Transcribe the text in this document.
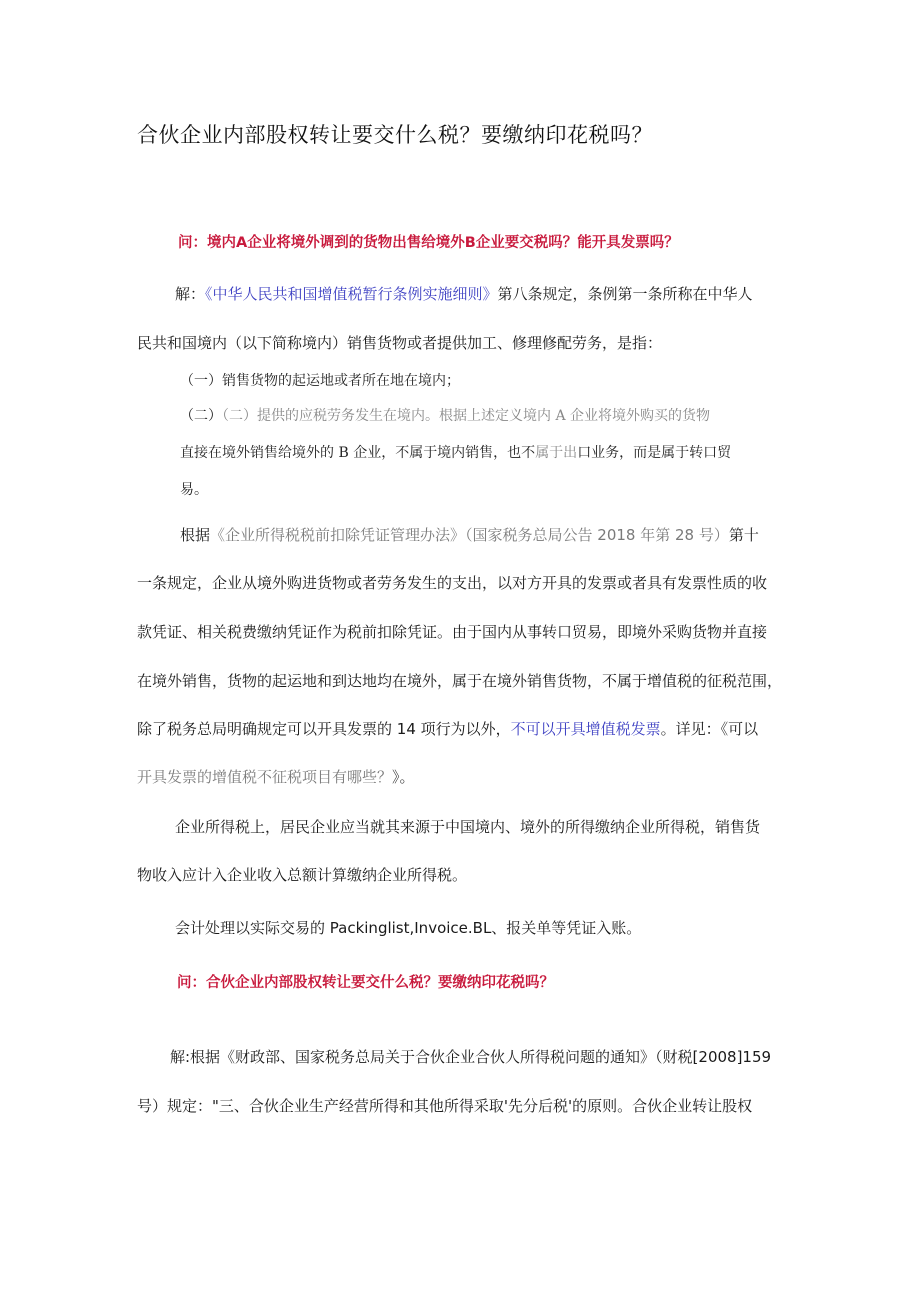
合伙企业内部股权转让要交什么税？要缴纳印花税吗？
问：境内A企业将境外调到的货物出售给境外B企业要交税吗？能开具发票吗？
解：《中华人民共和国增值税暂行条例实施细则》第八条规定，条例第一条所称在中华人
民共和国境内（以下简称境内）销售货物或者提供加工、修理修配劳务，是指：
（一）销售货物的起运地或者所在地在境内；
（二）（二）提供的应税劳务发生在境内。根据上述定义境内 A 企业将境外购买的货物
直接在境外销售给境外的 B 企业，不属于境内销售，也不属于出口业务，而是属于转口贸
易。
根据《企业所得税税前扣除凭证管理办法》（国家税务总局公告 2018 年第 28 号）第十
一条规定，企业从境外购进货物或者劳务发生的支出，以对方开具的发票或者具有发票性质的收
款凭证、相关税费缴纳凭证作为税前扣除凭证。由于国内从事转口贸易，即境外采购货物并直接
在境外销售，货物的起运地和到达地均在境外，属于在境外销售货物，不属于增值税的征税范围，
除了税务总局明确规定可以开具发票的 14 项行为以外，不可以开具增值税发票。详见：《可以
开具发票的增值税不征税项目有哪些？》。
企业所得税上，居民企业应当就其来源于中国境内、境外的所得缴纳企业所得税，销售货
物收入应计入企业收入总额计算缴纳企业所得税。
会计处理以实际交易的 Packinglist,Invoice.BL、报关单等凭证入账。
问：合伙企业内部股权转让要交什么税？要缴纳印花税吗？
解:根据《财政部、国家税务总局关于合伙企业合伙人所得税问题的通知》（财税[2008]159
号）规定："三、合伙企业生产经营所得和其他所得采取'先分后税'的原则。合伙企业转让股权
